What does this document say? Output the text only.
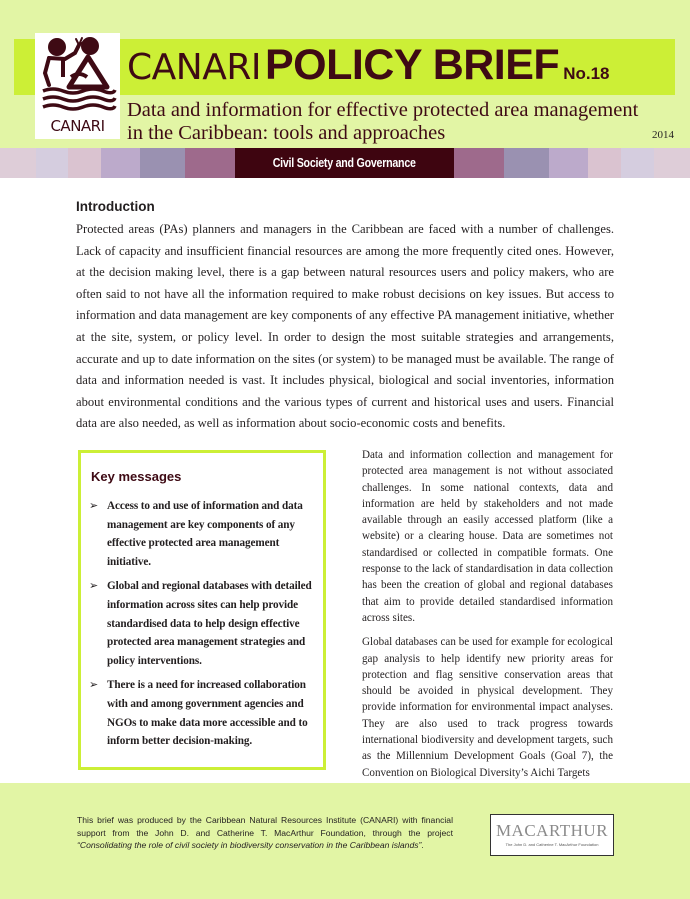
CANARI
CANARI POLICY BRIEF No.18
Data and information for effective protected area management in the Caribbean: tools and approaches	2014
Civil Society and Governance
Introduction

Protected areas (PAs) planners and managers in the Caribbean are faced with a number of challenges. Lack of capacity and insufficient financial resources are among the more frequently cited ones. However, at the decision making level, there is a gap between natural resources users and policy makers, who are often said to not have all the information required to make robust decisions on key issues. But access to information and data management are key components of any effective PA management initiative, whether at the site, system, or policy level. In order to design the most suitable strategies and arrangements, accurate and up to date information on the sites (or system) to be managed must be available. The range of data and information needed is vast. It includes physical, biological and social inventories, information about environmental conditions and the various types of current and historical uses and users. Financial data are also needed, as well as information about socio-economic costs and benefits.

Key messages
➢ Access to and use of information and data management are key components of any effective protected area management initiative.
➢ Global and regional databases with detailed information across sites can help provide standardised data to help design effective protected area management strategies and policy interventions.
➢ There is a need for increased collaboration with and among government agencies and NGOs to make data more accessible and to inform better decision-making.

Data and information collection and management for protected area management is not without associated challenges. In some national contexts, data and information are held by stakeholders and not made available through an easily accessed platform (like a website) or a clearing house. Data are sometimes not standardised or collected in compatible formats. One response to the lack of standardisation in data collection has been the creation of global and regional databases that aim to provide detailed standardised information across sites.

Global databases can be used for example for ecological gap analysis to help identify new priority areas for protection and flag sensitive conservation areas that should be avoided in physical development. They provide information for environmental impact analyses. They are also used to track progress towards international biodiversity and development targets, such as the Millennium Development Goals (Goal 7), the Convention on Biological Diversity’s Aichi Targets

This brief was produced by the Caribbean Natural Resources Institute (CANARI) with financial support from the John D. and Catherine T. MacArthur Foundation, through the project “Consolidating the role of civil society in biodiversity conservation in the Caribbean islands”.
MACARTHUR
The John D. and Catherine T. MacArthur Foundation
